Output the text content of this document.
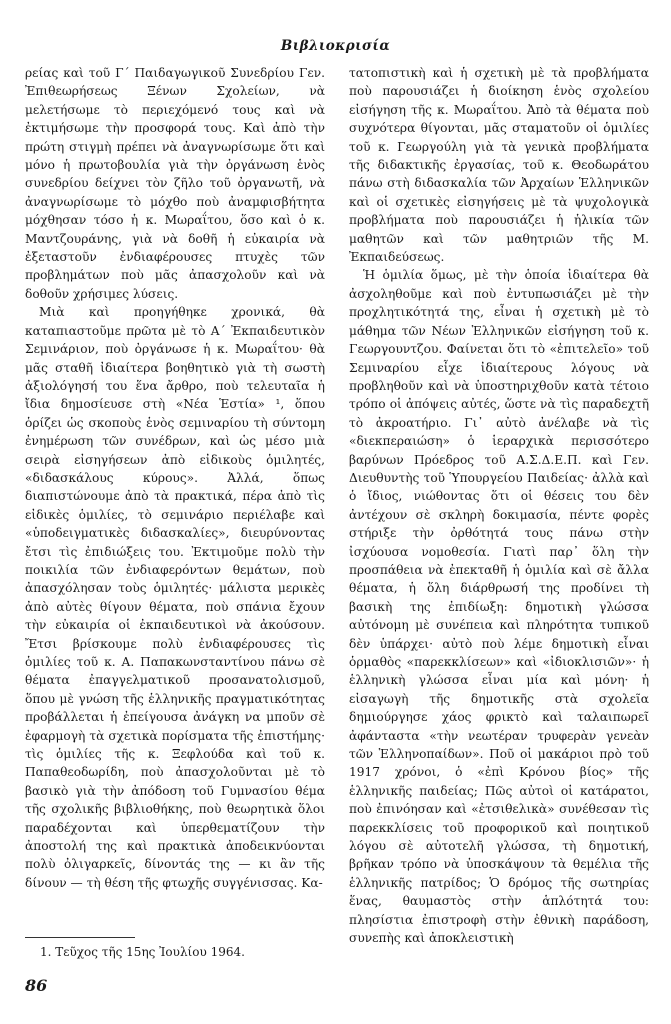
Βιβλιοκρισία

ρείας καὶ τοῦ Γ΄ Παιδαγωγικοῦ Συνεδρίου Γεν. Ἐπιθεωρήσεως Ξένων Σχολείων, νὰ μελετήσωμε τὸ περιεχόμενό τους καὶ νὰ ἐκτιμήσωμε τὴν προσφορά τους. Καὶ ἀπὸ τὴν πρώτη στιγμὴ πρέπει νὰ ἀναγνωρίσωμε ὅτι καὶ μόνο ἡ πρωτοβουλία γιὰ τὴν ὀργάνωση ἑνὸς συνεδρίου δείχνει τὸν ζῆλο τοῦ ὀργανωτῆ, νὰ ἀναγνωρίσωμε τὸ μόχθο ποὺ ἀναμφισβήτητα μόχθησαν τόσο ἡ κ. Μωραΐτου, ὅσο καὶ ὁ κ. Μαντζουράνης, γιὰ νὰ δοθῆ ἡ εὐκαιρία νὰ ἐξεταστοῦν ἐνδιαφέρουσες πτυχὲς τῶν προβλημάτων ποὺ μᾶς ἀπασχολοῦν καὶ νὰ δοθοῦν χρήσιμες λύσεις.

Μιὰ καὶ προηγήθηκε χρονικά, θὰ καταπιαστοῦμε πρῶτα μὲ τὸ Α΄ Ἐκπαιδευτικὸν Σεμινάριον, ποὺ ὀργάνωσε ἡ κ. Μωραΐτου· θὰ μᾶς σταθῆ ἰδιαίτερα βοηθητικὸ γιὰ τὴ σωστὴ ἀξιολόγησή του ἕνα ἄρθρο, ποὺ τελευταῖα ἡ ἴδια δημοσίευσε στὴ «Νέα Ἑστία» ¹, ὅπου ὁρίζει ὡς σκοποὺς ἑνὸς σεμιναρίου τὴ σύντομη ἐνημέρωση τῶν συνέδρων, καὶ ὡς μέσο μιὰ σειρὰ εἰσηγήσεων ἀπὸ εἰδικοὺς ὁμιλητές, «διδασκάλους κύρους». Ἀλλά, ὅπως διαπιστώνουμε ἀπὸ τὰ πρακτικά, πέρα ἀπὸ τὶς εἰδικὲς ὁμιλίες, τὸ σεμινάριο περιέλαβε καὶ «ὑποδειγματικὲς διδασκαλίες», διευρύνοντας ἔτσι τὶς ἐπιδιώξεις του. Ἐκτιμοῦμε πολὺ τὴν ποικιλία τῶν ἐνδιαφερόντων θεμάτων, ποὺ ἀπασχόλησαν τοὺς ὁμιλητές· μάλιστα μερικὲς ἀπὸ αὐτὲς θίγουν θέματα, ποὺ σπάνια ἔχουν τὴν εὐκαιρία οἱ ἐκπαιδευτικοὶ νὰ ἀκούσουν. Ἔτσι βρίσκουμε πολὺ ἐνδιαφέρουσες τὶς ὁμιλίες τοῦ κ. Α. Παπακωνσταντίνου πάνω σὲ θέματα ἐπαγγελματικοῦ προσανατολισμοῦ, ὅπου μὲ γνώση τῆς ἑλληνικῆς πραγματικότητας προβάλλεται ἡ ἐπείγουσα ἀνάγκη να μποῦν σὲ ἐφαρμογὴ τὰ σχετικὰ πορίσματα τῆς ἐπιστήμης· τὶς ὁμιλίες τῆς κ. Ξεφλούδα καὶ τοῦ κ. Παπαθεοδωρίδη, ποὺ ἀπασχολοῦνται μὲ τὸ βασικὸ γιὰ τὴν ἀπόδοση τοῦ Γυμνασίου θέμα τῆς σχολικῆς βιβλιοθήκης, ποὺ θεωρητικὰ ὅλοι παραδέχονται καὶ ὑπερθεματίζουν τὴν ἀποστολή της καὶ πρακτικὰ ἀποδεικνύονται πολὺ ὀλιγαρκεῖς, δίνοντάς της — κι ἂν τῆς δίνουν — τὴ θέση τῆς φτωχῆς συγγένισσας. Κα-

τατοπιστικὴ καὶ ἡ σχετικὴ μὲ τὰ προβλήματα ποὺ παρουσιάζει ἡ διοίκηση ἑνὸς σχολείου εἰσήγηση τῆς κ. Μωραΐτου. Ἀπὸ τὰ θέματα ποὺ συχνότερα θίγονται, μᾶς σταματοῦν οἱ ὁμιλίες τοῦ κ. Γεωργούλη γιὰ τὰ γενικὰ προβλήματα τῆς διδακτικῆς ἐργασίας, τοῦ κ. Θεοδωράτου πάνω στὴ διδασκαλία τῶν Ἀρχαίων Ἑλληνικῶν καὶ οἱ σχετικὲς εἰσηγήσεις μὲ τὰ ψυχολογικὰ προβλήματα ποὺ παρουσιάζει ἡ ἡλικία τῶν μαθητῶν καὶ τῶν μαθητριῶν τῆς Μ. Ἐκπαιδεύσεως.

Ἡ ὁμιλία ὅμως, μὲ τὴν ὁποία ἰδιαίτερα θὰ ἀσχοληθοῦμε καὶ ποὺ ἐντυπωσιάζει μὲ τὴν προχλητικότητά της, εἶναι ἡ σχετικὴ μὲ τὸ μάθημα τῶν Νέων Ἑλληνικῶν εἰσήγηση τοῦ κ. Γεωργουντζου. Φαίνεται ὅτι τὸ «ἐπιτελεῖο» τοῦ Σεμιναρίου εἶχε ἰδιαίτερους λόγους νὰ προβληθοῦν καὶ νὰ ὑποστηριχθοῦν κατὰ τέτοιο τρόπο οἱ ἀπόψεις αὐτές, ὥστε νὰ τὶς παραδεχτῆ τὸ ἀκροατήριο. Γι᾿ αὐτὸ ἀνέλαβε νὰ τὶς «διεκπεραιώση» ὁ ἱεραρχικὰ περισσότερο βαρύνων Πρόεδρος τοῦ Α.Σ.Δ.Ε.Π. καὶ Γεν. Διευθυντὴς τοῦ Ὑπουργείου Παιδείας· ἀλλὰ καὶ ὁ ἴδιος, νιώθοντας ὅτι οἱ θέσεις του δὲν ἀντέχουν σὲ σκληρὴ δοκιμασία, πέντε φορὲς στήριξε τὴν ὀρθότητά τους πάνω στὴν ἰσχύουσα νομοθεσία. Γιατὶ παρ᾿ ὅλη τὴν προσπάθεια νὰ ἐπεκταθῆ ἡ ὁμιλία καὶ σὲ ἄλλα θέματα, ἡ ὅλη διάρθρωσή της προδίνει τὴ βασικὴ της ἐπιδίωξη: δημοτικὴ γλώσσα αὐτόνομη μὲ συνέπεια καὶ πληρότητα τυπικοῦ δὲν ὑπάρχει· αὐτὸ ποὺ λέμε δημοτικὴ εἶναι ὁρμαθὸς «παρεκκλίσεων» καὶ «ἰδιοκλισιῶν»· ἡ ἑλληνικὴ γλώσσα εἶναι μία καὶ μόνη· ἡ εἰσαγωγὴ τῆς δημοτικῆς στὰ σχολεῖα δημιούργησε χάος φρικτὸ καὶ ταλαιπωρεῖ ἀφάνταστα «τὴν νεωτέραν τρυφερὰν γενεὰν τῶν Ἑλληνοπαίδων». Ποῦ οἱ μακάριοι πρὸ τοῦ 1917 χρόνοι, ὁ «ἐπὶ Κρόνου βίος» τῆς ἑλληνικῆς παιδείας; Πῶς αὐτοὶ οἱ κατάρατοι, ποὺ ἐπινόησαν καὶ «ἐτσιθελικὰ» συνέθεσαν τὶς παρεκκλίσεις τοῦ προφορικοῦ καὶ ποιητικοῦ λόγου σὲ αὐτοτελῆ γλώσσα, τὴ δημοτική, βρῆκαν τρόπο νὰ ὑποσκάψουν τὰ θεμέλια τῆς ἑλληνικῆς πατρίδος; Ὁ δρόμος τῆς σωτηρίας ἕνας, θαυμαστὸς στὴν ἁπλότητά του: πλησίστια ἐπιστροφὴ στὴν ἐθνικὴ παράδοση, συνεπὴς καὶ ἀποκλειστικὴ

1. Τεῦχος τῆς 15ης Ἰουλίου 1964.
86
